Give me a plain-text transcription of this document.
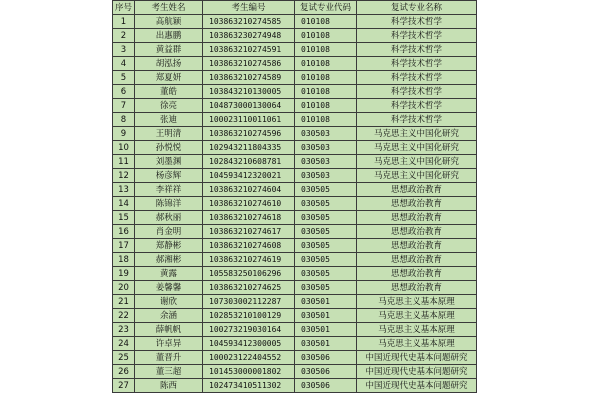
序号	考生姓名	考生编号	复试专业代码	复试专业名称
1	高航颖	103863210274585	010108	科学技术哲学
2	出惠鹏	103863230274948	010108	科学技术哲学
3	黄益群	103863210274591	010108	科学技术哲学
4	胡泓扬	103863210274586	010108	科学技术哲学
5	郑夏妍	103863210274589	010108	科学技术哲学
6	董皓	103843210130005	010108	科学技术哲学
7	徐亮	104873000130064	010108	科学技术哲学
8	张迪	100023110011061	010108	科学技术哲学
9	王明清	103863210274596	030503	马克思主义中国化研究
10	孙悦悦	102943211804335	030503	马克思主义中国化研究
11	刘墨渊	102843210608781	030503	马克思主义中国化研究
12	杨彦辉	104593412320021	030503	马克思主义中国化研究
13	李祥祥	103863210274604	030505	思想政治教育
14	陈锦洋	103863210274610	030505	思想政治教育
15	郝秋丽	103863210274618	030505	思想政治教育
16	肖金明	103863210274617	030505	思想政治教育
17	郑静彬	103863210274608	030505	思想政治教育
18	郝湘彬	103863210274619	030505	思想政治教育
19	黄露	105583250106296	030505	思想政治教育
20	姜馨馨	103863210274625	030505	思想政治教育
21	谢欣	107303002112287	030501	马克思主义基本原理
22	余涵	102853210100129	030501	马克思主义基本原理
23	薛帆帆	100273219030164	030501	马克思主义基本原理
24	许卓异	104593412300005	030501	马克思主义基本原理
25	董晋升	100023122404552	030506	中国近现代史基本问题研究
26	董三超	101453000001802	030506	中国近现代史基本问题研究
27	陈西	102473410511302	030506	中国近现代史基本问题研究
